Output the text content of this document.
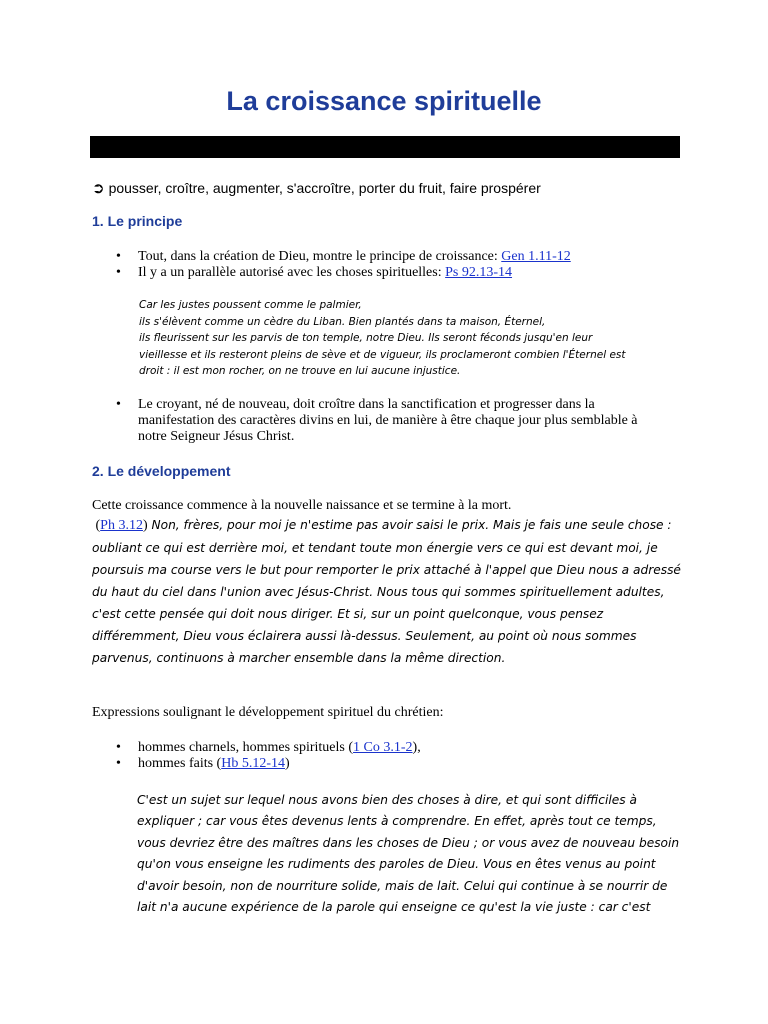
La croissance spirituelle
➲ pousser, croître, augmenter, s'accroître, porter du fruit, faire prospérer
1. Le principe
• Tout, dans la création de Dieu, montre le principe de croissance: Gen 1.11-12
• Il y a un parallèle autorisé avec les choses spirituelles: Ps 92.13-14
Car les justes poussent comme le palmier,
ils s'élèvent comme un cèdre du Liban. Bien plantés dans ta maison, Éternel,
ils fleurissent sur les parvis de ton temple, notre Dieu. Ils seront féconds jusqu'en leur
vieillesse et ils resteront pleins de sève et de vigueur, ils proclameront combien l'Éternel est
droit : il est mon rocher, on ne trouve en lui aucune injustice.
• Le croyant, né de nouveau, doit croître dans la sanctification et progresser dans la manifestation des caractères divins en lui, de manière à être chaque jour plus semblable à notre Seigneur Jésus Christ.
2. Le développement
Cette croissance commence à la nouvelle naissance et se termine à la mort.
(Ph 3.12) Non, frères, pour moi je n'estime pas avoir saisi le prix. Mais je fais une seule chose : oubliant ce qui est derrière moi, et tendant toute mon énergie vers ce qui est devant moi, je poursuis ma course vers le but pour remporter le prix attaché à l'appel que Dieu nous a adressé du haut du ciel dans l'union avec Jésus-Christ. Nous tous qui sommes spirituellement adultes, c'est cette pensée qui doit nous diriger. Et si, sur un point quelconque, vous pensez différemment, Dieu vous éclairera aussi là-dessus. Seulement, au point où nous sommes parvenus, continuons à marcher ensemble dans la même direction.
Expressions soulignant le développement spirituel du chrétien:
• hommes charnels, hommes spirituels (1 Co 3.1-2),
• hommes faits (Hb 5.12-14)

C'est un sujet sur lequel nous avons bien des choses à dire, et qui sont difficiles à expliquer ; car vous êtes devenus lents à comprendre. En effet, après tout ce temps, vous devriez être des maîtres dans les choses de Dieu ; or vous avez de nouveau besoin qu'on vous enseigne les rudiments des paroles de Dieu. Vous en êtes venus au point d'avoir besoin, non de nourriture solide, mais de lait. Celui qui continue à se nourrir de lait n'a aucune expérience de la parole qui enseigne ce qu'est la vie juste : car c'est
